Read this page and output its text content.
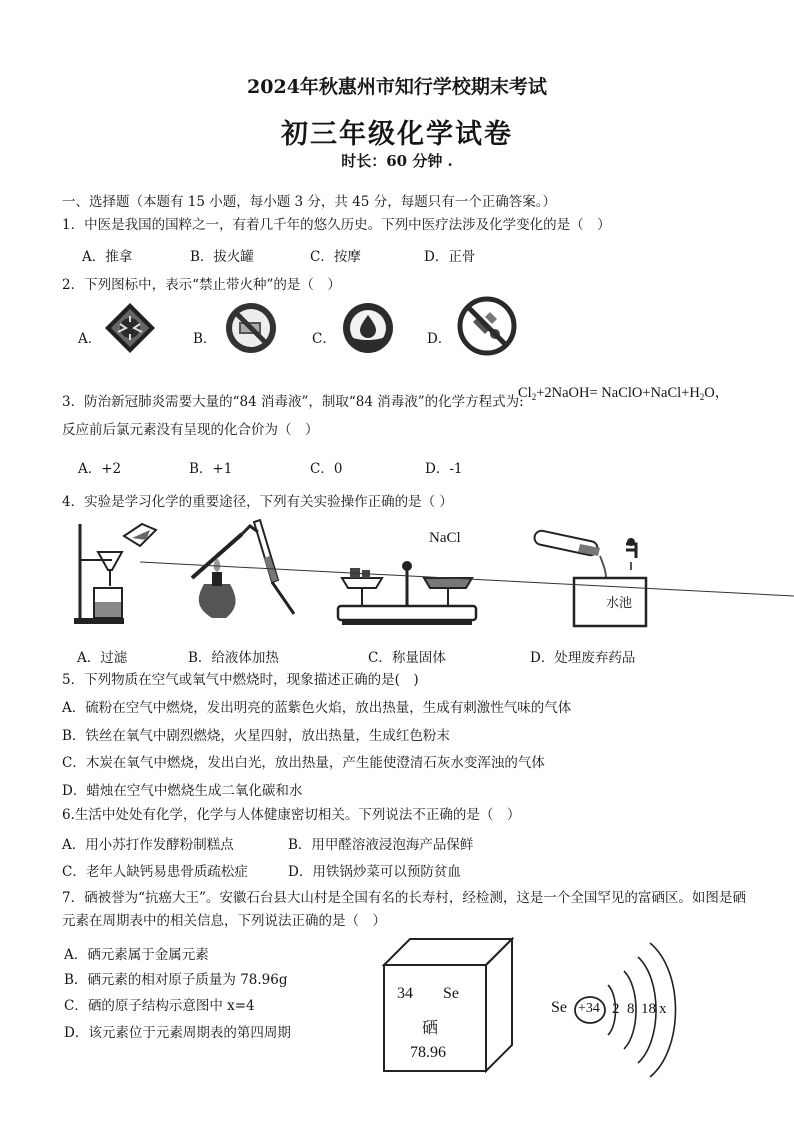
2024年秋惠州市知行学校期末考试
初三年级化学试卷
时长：60 分钟 .
一、选择题（本题有 15 小题，每小题 3 分，共 45 分，每题只有一个正确答案。）
1．中医是我国的国粹之一，有着几千年的悠久历史。下列中医疗法涉及化学变化的是（　）
A．推拿	B．拔火罐	C．按摩	D．正骨
2．下列图标中，表示“禁止带火种”的是（　）
A．	B．	C．	D．
3．防治新冠肺炎需要大量的“84 消毒液”，制取“84 消毒液”的化学方程式为:
$Cl_2+2NaOH=$ $NaClO+NaCl+H_2O$，
反应前后氯元素没有呈现的化合价为（　）
A．+2	B．+1	C．0	D．-1
4．实验是学习化学的重要途径，下列有关实验操作正确的是（ ）
NaCl
水池
A．过滤	B．给液体加热	C．称量固体	D．处理废弃药品
5．下列物质在空气或氧气中燃烧时，现象描述正确的是(　)
A．硫粉在空气中燃烧，发出明亮的蓝紫色火焰，放出热量，生成有刺激性气味的气体
B．铁丝在氧气中剧烈燃烧，火星四射，放出热量，生成红色粉末
C．木炭在氧气中燃烧，发出白光，放出热量，产生能使澄清石灰水变浑浊的气体
D．蜡烛在空气中燃烧生成二氧化碳和水
6.生活中处处有化学，化学与人体健康密切相关。下列说法不正确的是（　）
A．用小苏打作发酵粉制糕点	B．用甲醛溶液浸泡海产品保鲜
C．老年人缺钙易患骨质疏松症	D．用铁锅炒菜可以预防贫血
7．硒被誉为“抗癌大王”。安徽石台县大山村是全国有名的长寿村，经检测，这是一个全国罕见的富硒区。如图是硒
元素在周期表中的相关信息，下列说法正确的是（　）
A．硒元素属于金属元素
B．硒元素的相对原子质量为 78.96g
C．硒的原子结构示意图中 x=4
D．该元素位于元素周期表的第四周期
34 Se
硒
78.96
Se +34 2 8 18 x
